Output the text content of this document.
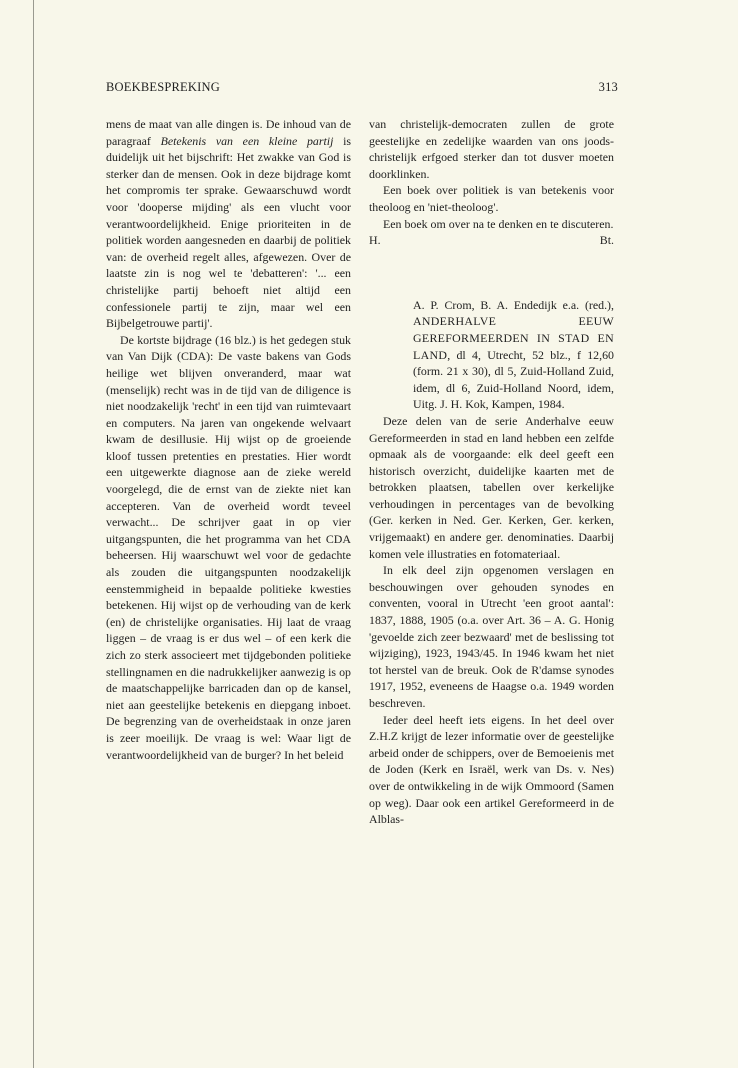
BOEKBESPREKING	313

mens de maat van alle dingen is. De inhoud van de paragraaf Betekenis van een kleine partij is duidelijk uit het bijschrift: Het zwakke van God is sterker dan de mensen. Ook in deze bijdrage komt het compromis ter sprake. Gewaarschuwd wordt voor 'dooperse mijding' als een vlucht voor verantwoordelijkheid. Enige prioriteiten in de politiek worden aangesneden en daarbij de politiek van: de overheid regelt alles, afgewezen. Over de laatste zin is nog wel te 'debatteren': '... een christelijke partij behoeft niet altijd een confessionele partij te zijn, maar wel een Bijbelgetrouwe partij'.

De kortste bijdrage (16 blz.) is het gedegen stuk van Van Dijk (CDA): De vaste bakens van Gods heilige wet blijven onveranderd, maar wat (menselijk) recht was in de tijd van de diligence is niet noodzakelijk 'recht' in een tijd van ruimtevaart en computers. Na jaren van ongekende welvaart kwam de desillusie. Hij wijst op de groeiende kloof tussen pretenties en prestaties. Hier wordt een uitgewerkte diagnose aan de zieke wereld voorgelegd, die de ernst van de ziekte niet kan accepteren. Van de overheid wordt teveel verwacht... De schrijver gaat in op vier uitgangspunten, die het programma van het CDA beheersen. Hij waarschuwt wel voor de gedachte als zouden die uitgangspunten noodzakelijk eenstemmigheid in bepaalde politieke kwesties betekenen. Hij wijst op de verhouding van de kerk (en) de christelijke organisaties. Hij laat de vraag liggen – de vraag is er dus wel – of een kerk die zich zo sterk associeert met tijdgebonden politieke stellingnamen en die nadrukkelijker aanwezig is op de maatschappelijke barricaden dan op de kansel, niet aan geestelijke betekenis en diepgang inboet. De begrenzing van de overheidstaak in onze jaren is zeer moeilijk. De vraag is wel: Waar ligt de verantwoordelijkheid van de burger? In het beleid

van christelijk-democraten zullen de grote geestelijke en zedelijke waarden van ons joods-christelijk erfgoed sterker dan tot dusver moeten doorklinken.

Een boek over politiek is van betekenis voor theoloog en 'niet-theoloog'.

Een boek om over na te denken en te discuteren.

H.	Bt.
A. P. Crom, B. A. Endedijk e.a. (red.), ANDERHALVE EEUW GEREFORMEERDEN IN STAD EN LAND, dl 4, Utrecht, 52 blz., f 12,60 (form. 21 x 30), dl 5, Zuid-Holland Zuid, idem, dl 6, Zuid-Holland Noord, idem, Uitg. J. H. Kok, Kampen, 1984.

Deze delen van de serie Anderhalve eeuw Gereformeerden in stad en land hebben een zelfde opmaak als de voorgaande: elk deel geeft een historisch overzicht, duidelijke kaarten met de betrokken plaatsen, tabellen over kerkelijke verhoudingen in percentages van de bevolking (Ger. kerken in Ned. Ger. Kerken, Ger. kerken, vrijgemaakt) en andere ger. denominaties. Daarbij komen vele illustraties en fotomateriaal.

In elk deel zijn opgenomen verslagen en beschouwingen over gehouden synodes en conventen, vooral in Utrecht 'een groot aantal': 1837, 1888, 1905 (o.a. over Art. 36 – A. G. Honig 'gevoelde zich zeer bezwaard' met de beslissing tot wijziging), 1923, 1943/45. In 1946 kwam het niet tot herstel van de breuk. Ook de R'damse synodes 1917, 1952, eveneens de Haagse o.a. 1949 worden beschreven.

Ieder deel heeft iets eigens. In het deel over Z.H.Z krijgt de lezer informatie over de geestelijke arbeid onder de schippers, over de Bemoeienis met de Joden (Kerk en Israël, werk van Ds. v. Nes) over de ontwikkeling in de wijk Ommoord (Samen op weg). Daar ook een artikel Gereformeerd in de Alblas-
